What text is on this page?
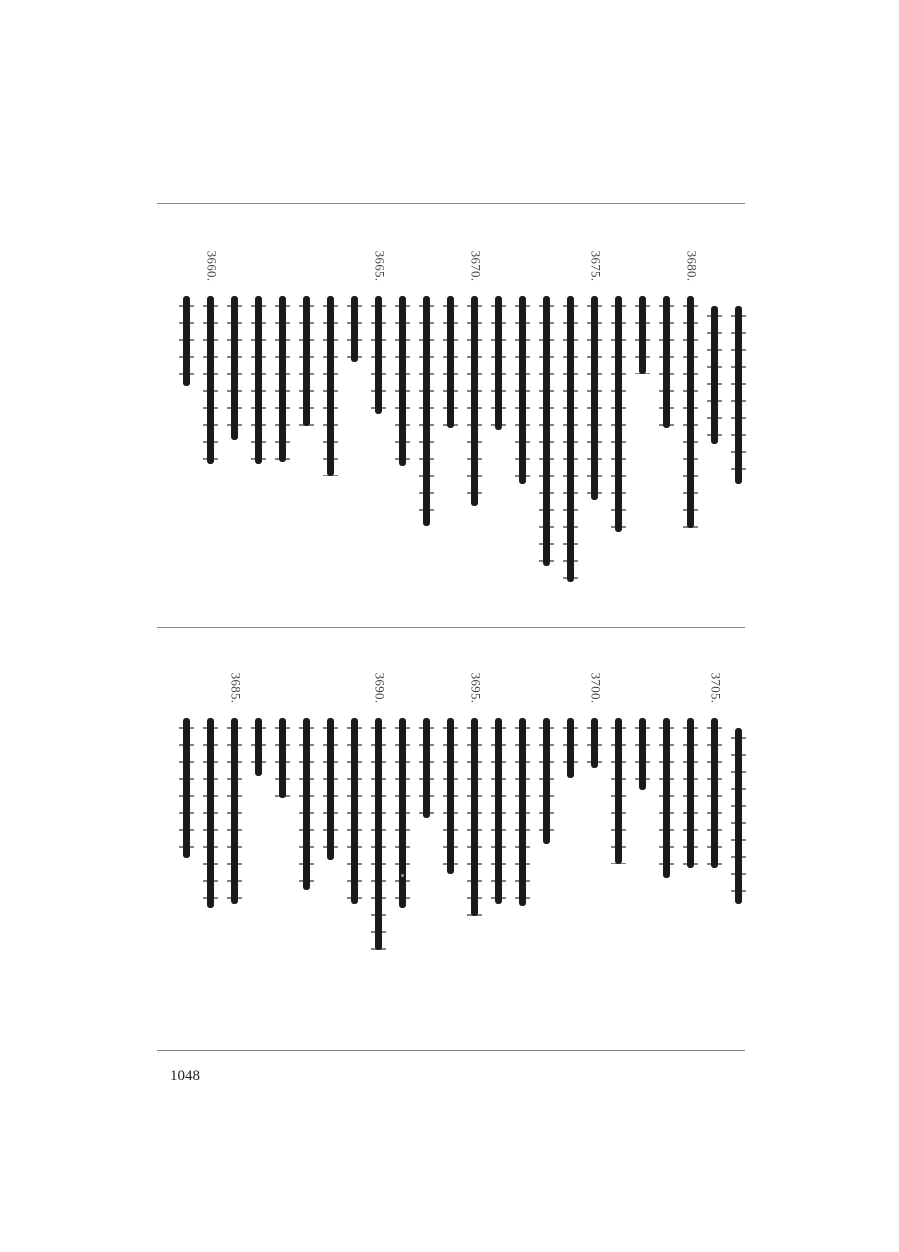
3680.
3675.
3670.
3665.
3660.
3705.
3700.
3695.
3690.
3685.
1048
